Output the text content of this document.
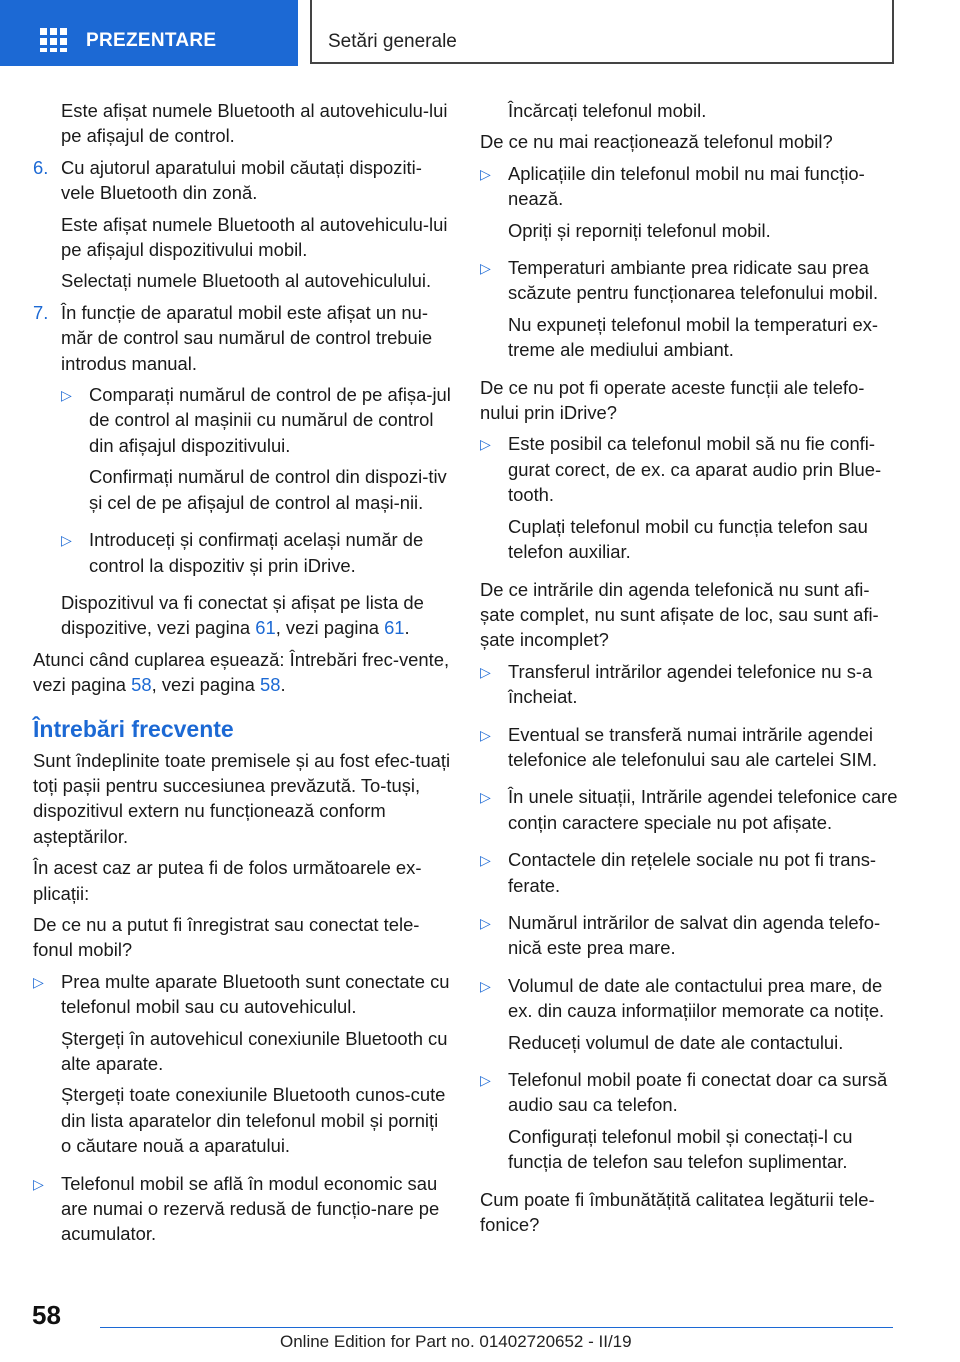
PREZENTARE	Setări generale

Este afișat numele Bluetooth al autovehiculu-lui pe afișajul de control.

6. Cu ajutorul aparatului mobil căutați dispoziti-vele Bluetooth din zonă.

Este afișat numele Bluetooth al autovehiculu-lui pe afișajul dispozitivului mobil.

Selectați numele Bluetooth al autovehiculului.

7. În funcție de aparatul mobil este afișat un nu-măr de control sau numărul de control trebuie introdus manual.

▷ Comparați numărul de control de pe afișa-jul de control al mașinii cu numărul de control din afișajul dispozitivului.

Confirmați numărul de control din dispozi-tiv și cel de pe afișajul de control al mași-nii.

▷ Introduceți și confirmați același număr de control la dispozitiv și prin iDrive.

Dispozitivul va fi conectat și afișat pe lista de dispozitive, vezi pagina 61, vezi pagina 61.

Atunci când cuplarea eșuează: Întrebări frec-vente, vezi pagina 58, vezi pagina 58.

Întrebări frecvente

Sunt îndeplinite toate premisele și au fost efec-tuați toți pașii pentru succesiunea prevăzută. To-tuși, dispozitivul extern nu funcționează conform așteptărilor.

În acest caz ar putea fi de folos următoarele ex-plicații:

De ce nu a putut fi înregistrat sau conectat tele-fonul mobil?

▷ Prea multe aparate Bluetooth sunt conectate cu telefonul mobil sau cu autovehiculul.

Ștergeți în autovehicul conexiunile Bluetooth cu alte aparate.

Ștergeți toate conexiunile Bluetooth cunos-cute din lista aparatelor din telefonul mobil și porniți o căutare nouă a aparatului.

▷ Telefonul mobil se află în modul economic sau are numai o rezervă redusă de funcțio-nare pe acumulator.

Încărcați telefonul mobil.

De ce nu mai reacționează telefonul mobil?

▷ Aplicațiile din telefonul mobil nu mai funcțio-nează.

Opriți și reporniți telefonul mobil.

▷ Temperaturi ambiante prea ridicate sau prea scăzute pentru funcționarea telefonului mobil.

Nu expuneți telefonul mobil la temperaturi ex-treme ale mediului ambiant.

De ce nu pot fi operate aceste funcții ale telefo-nului prin iDrive?

▷ Este posibil ca telefonul mobil să nu fie confi-gurat corect, de ex. ca aparat audio prin Blue-tooth.

Cuplați telefonul mobil cu funcția telefon sau telefon auxiliar.

De ce intrările din agenda telefonică nu sunt afi-șate complet, nu sunt afișate de loc, sau sunt afi-șate incomplet?

▷ Transferul intrărilor agendei telefonice nu s-a încheiat.

▷ Eventual se transferă numai intrările agendei telefonice ale telefonului sau ale cartelei SIM.

▷ În unele situații, Intrările agendei telefonice care conțin caractere speciale nu pot afișate.

▷ Contactele din rețelele sociale nu pot fi trans-ferate.

▷ Numărul intrărilor de salvat din agenda telefo-nică este prea mare.

▷ Volumul de date ale contactului prea mare, de ex. din cauza informațiilor memorate ca notițe.

Reduceți volumul de date ale contactului.

▷ Telefonul mobil poate fi conectat doar ca sursă audio sau ca telefon.

Configurați telefonul mobil și conectați-l cu funcția de telefon sau telefon suplimentar.

Cum poate fi îmbunătățită calitatea legăturii tele-fonice?

58
Online Edition for Part no. 01402720652 - II/19
